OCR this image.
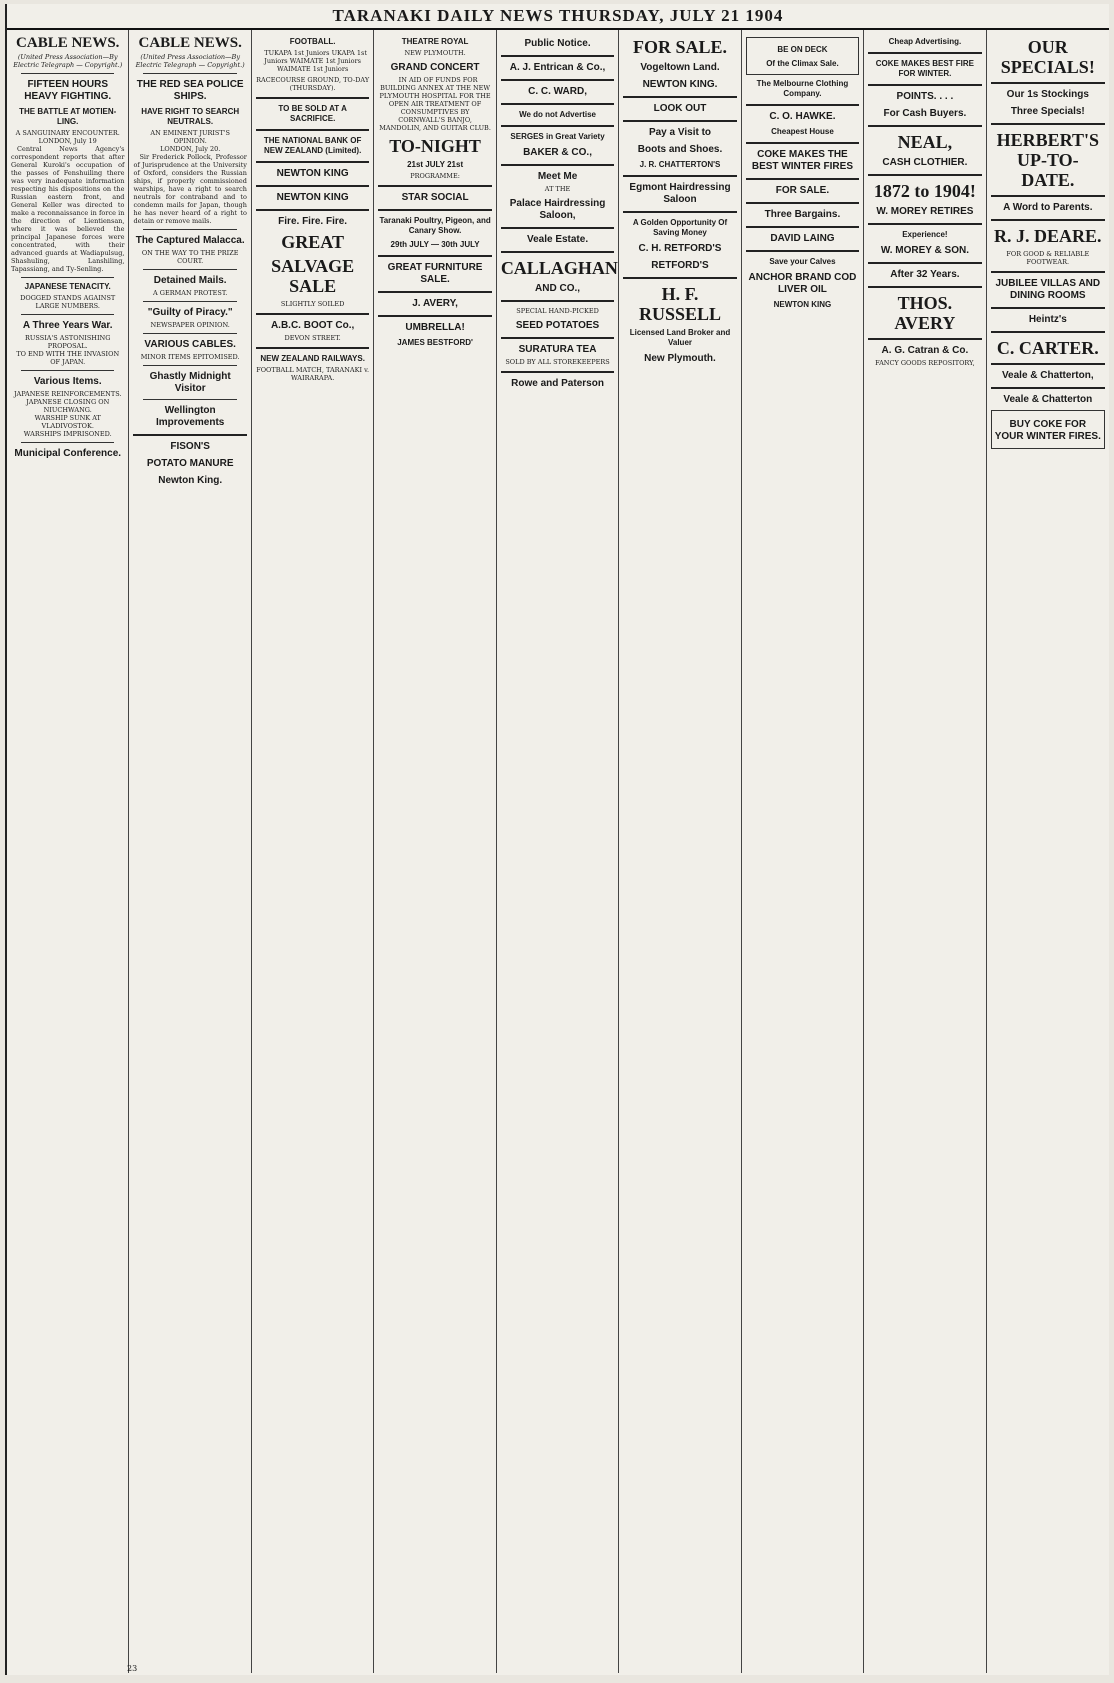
TARANAKI DAILY NEWS THURSDAY, JULY 21 1904
CABLE NEWS.
(United Press Association—By Electric Telegraph — Copyright.)
FIFTEEN HOURS HEAVY FIGHTING.
THE BATTLE AT MOTIEN-LING.
A SANGUINARY ENCOUNTER.
LONDON, July 19

Central News Agency's correspondent reports that after General Kuroki's occupation of the passes of Fenshuiling there was very inadequate information respecting his dispositions on the Russian eastern front, and General Keller was directed to make a reconnaissance in force in the direction of Lientiensan, where it was believed the principal Japanese forces were concentrated, with their advanced guards at Wadiapulsug, Shashuling, Lanshiling, Tapassiang, and Ty-Senling.

JAPANESE TENACITY.
DOGGED STANDS AGAINST LARGE NUMBERS.
A Three Years War.
RUSSIA'S ASTONISHING PROPOSAL.
TO END WITH THE INVASION OF JAPAN.
Various Items.
JAPANESE REINFORCEMENTS.
JAPANESE CLOSING ON NIUCHWANG.
WARSHIP SUNK AT VLADIVOSTOK.
WARSHIPS IMPRISONED.
Municipal Conference.
CABLE NEWS.
(United Press Association—By Electric Telegraph — Copyright.)
THE RED SEA POLICE SHIPS.
HAVE RIGHT TO SEARCH NEUTRALS.
AN EMINENT JURIST'S OPINION.
LONDON, July 20.

Sir Frederick Pollock, Professor of Jurisprudence at the University of Oxford, considers the Russian ships, if properly commissioned warships, have a right to search neutrals for contraband and to condemn mails for Japan, though he has never heard of a right to detain or remove mails.

The Captured Malacca.
ON THE WAY TO THE PRIZE COURT.
Detained Mails.
A GERMAN PROTEST.
"Guilty of Piracy."
NEWSPAPER OPINION.
VARIOUS CABLES.
MINOR ITEMS EPITOMISED.
Ghastly Midnight Visitor
Wellington Improvements
FISON'S
POTATO MANURE
Newton King.
FOOTBALL.

TUKAPA 1st Juniors UKAPA 1st Juniors WAIMATE 1st Juniors WAIMATE 1st Juniors

RACECOURSE GROUND, TO-DAY (THURSDAY).
TO BE SOLD AT A SACRIFICE.
THE NATIONAL BANK OF NEW ZEALAND (Limited).
NEWTON KING
NEWTON KING
Fire. Fire. Fire.
GREAT
SALVAGE SALE
SLIGHTLY SOILED
A.B.C. BOOT Co.,
DEVON STREET.
NEW ZEALAND RAILWAYS.
FOOTBALL MATCH, TARANAKI v. WAIRARAPA.
THEATRE ROYAL
NEW PLYMOUTH.
GRAND CONCERT

IN AID OF FUNDS FOR BUILDING ANNEX AT THE NEW PLYMOUTH HOSPITAL FOR THE OPEN AIR TREATMENT OF CONSUMPTIVES BY CORNWALL'S BANJO, MANDOLIN, AND GUITAR CLUB.

TO-NIGHT
21st JULY 21st
PROGRAMME:
STAR SOCIAL
Taranaki Poultry, Pigeon, and Canary Show.
29th JULY — 30th JULY
GREAT FURNITURE SALE.
J. AVERY,
UMBRELLA!
JAMES BESTFORD'
Public Notice.
A. J. Entrican & Co.,
C. C. WARD,
We do not Advertise
SERGES in Great Variety
BAKER & CO.,
Meet Me
AT THE
Palace Hairdressing Saloon,
Veale Estate.
CALLAGHAN
AND CO.,
SPECIAL HAND-PICKED
SEED POTATOES
SURATURA TEA
SOLD BY ALL STOREKEEPERS
Rowe and Paterson
FOR SALE.
Vogeltown Land.
NEWTON KING.
LOOK OUT
Pay a Visit to
Boots and Shoes.
J. R. CHATTERTON'S
Egmont Hairdressing Saloon
A Golden Opportunity Of Saving Money
C. H. RETFORD'S
RETFORD'S
H. F. RUSSELL
Licensed Land Broker and Valuer
New Plymouth.
BE ON DECK
Of the Climax Sale.
The Melbourne Clothing Company.
C. O. HAWKE.
Cheapest House
COKE MAKES THE BEST WINTER FIRES
FOR SALE.
Three Bargains.
DAVID LAING
Save your Calves
ANCHOR BRAND COD LIVER OIL
NEWTON KING
Cheap Advertising.
COKE MAKES BEST FIRE FOR WINTER.
POINTS. . . .
For Cash Buyers.
NEAL,
CASH CLOTHIER.
1872 to 1904!
W. MOREY RETIRES
Experience!
W. MOREY & SON.
After 32 Years.
THOS. AVERY
A. G. Catran & Co.
FANCY GOODS REPOSITORY,
OUR SPECIALS!
Our 1s Stockings
Three Specials!
HERBERT'S UP-TO-DATE.
A Word to Parents.
R. J. DEARE.
FOR GOOD & RELIABLE FOOTWEAR.
JUBILEE VILLAS AND DINING ROOMS
Heintz's
C. CARTER.
Veale & Chatterton,
Veale & Chatterton
BUY COKE FOR YOUR WINTER FIRES.
23
